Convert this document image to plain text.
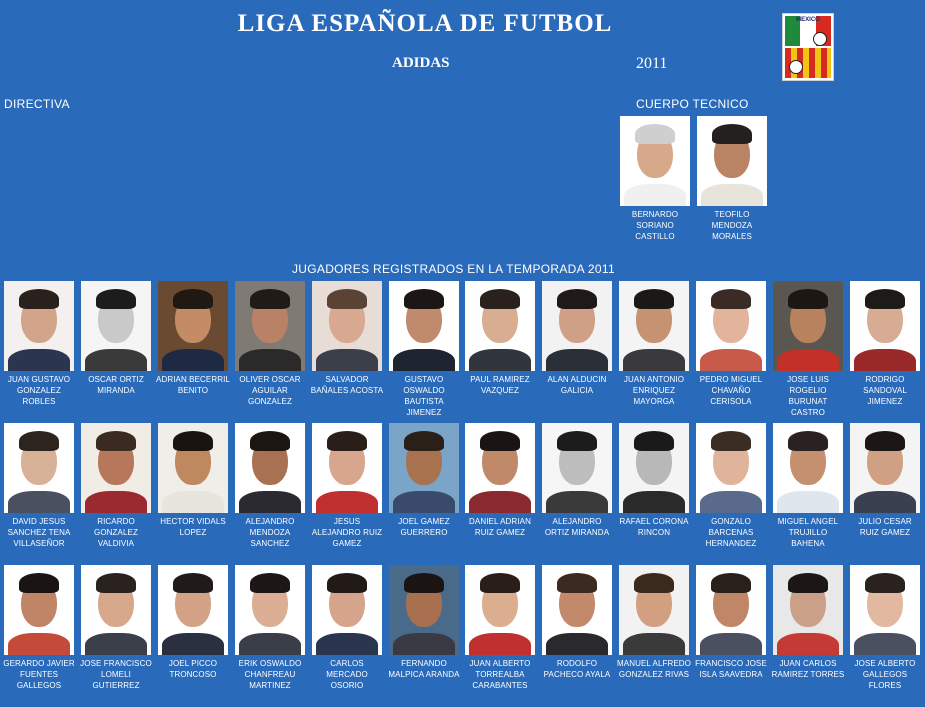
LIGA ESPAÑOLA DE FUTBOL
ADIDAS	2011
MEXICO
DIRECTIVA	CUERPO TECNICO
JUGADORES REGISTRADOS EN LA TEMPORADA 2011
BERNARDO SORIANO CASTILLO
TEOFILO MENDOZA MORALES
JUAN GUSTAVO GONZALEZ ROBLES
OSCAR ORTIZ MIRANDA
ADRIAN BECERRIL BENITO
OLIVER OSCAR AGUILAR GONZALEZ
SALVADOR BAÑALES ACOSTA
GUSTAVO OSWALDO BAUTISTA JIMENEZ
PAUL RAMIREZ VAZQUEZ
ALAN ALDUCIN GALICIA
JUAN ANTONIO ENRIQUEZ MAYORGA
PEDRO MIGUEL CHAVAÑO CERISOLA
JOSE LUIS ROGELIO BURUNAT CASTRO
RODRIGO SANDOVAL JIMENEZ
DAVID JESUS SANCHEZ TENA VILLASEÑOR
RICARDO GONZALEZ VALDIVIA
HECTOR VIDALS LOPEZ
ALEJANDRO MENDOZA SANCHEZ
JESUS ALEJANDRO RUIZ GAMEZ
JOEL GAMEZ GUERRERO
DANIEL ADRIAN RUIZ GAMEZ
ALEJANDRO ORTIZ MIRANDA
RAFAEL CORONA RINCON
GONZALO BARCENAS HERNANDEZ
MIGUEL ANGEL TRUJILLO BAHENA
JULIO CESAR RUIZ GAMEZ
GERARDO JAVIER FUENTES GALLEGOS
JOSE FRANCISCO LOMELI GUTIERREZ
JOEL PICCO TRONCOSO
ERIK OSWALDO CHANFREAU MARTINEZ
CARLOS MERCADO OSORIO
FERNANDO MALPICA ARANDA
JUAN ALBERTO TORREALBA CARABANTES
RODOLFO PACHECO AYALA
MANUEL ALFREDO GONZALEZ RIVAS
FRANCISCO JOSE ISLA SAAVEDRA
JUAN CARLOS RAMIREZ TORRES
JOSE ALBERTO GALLEGOS FLORES
